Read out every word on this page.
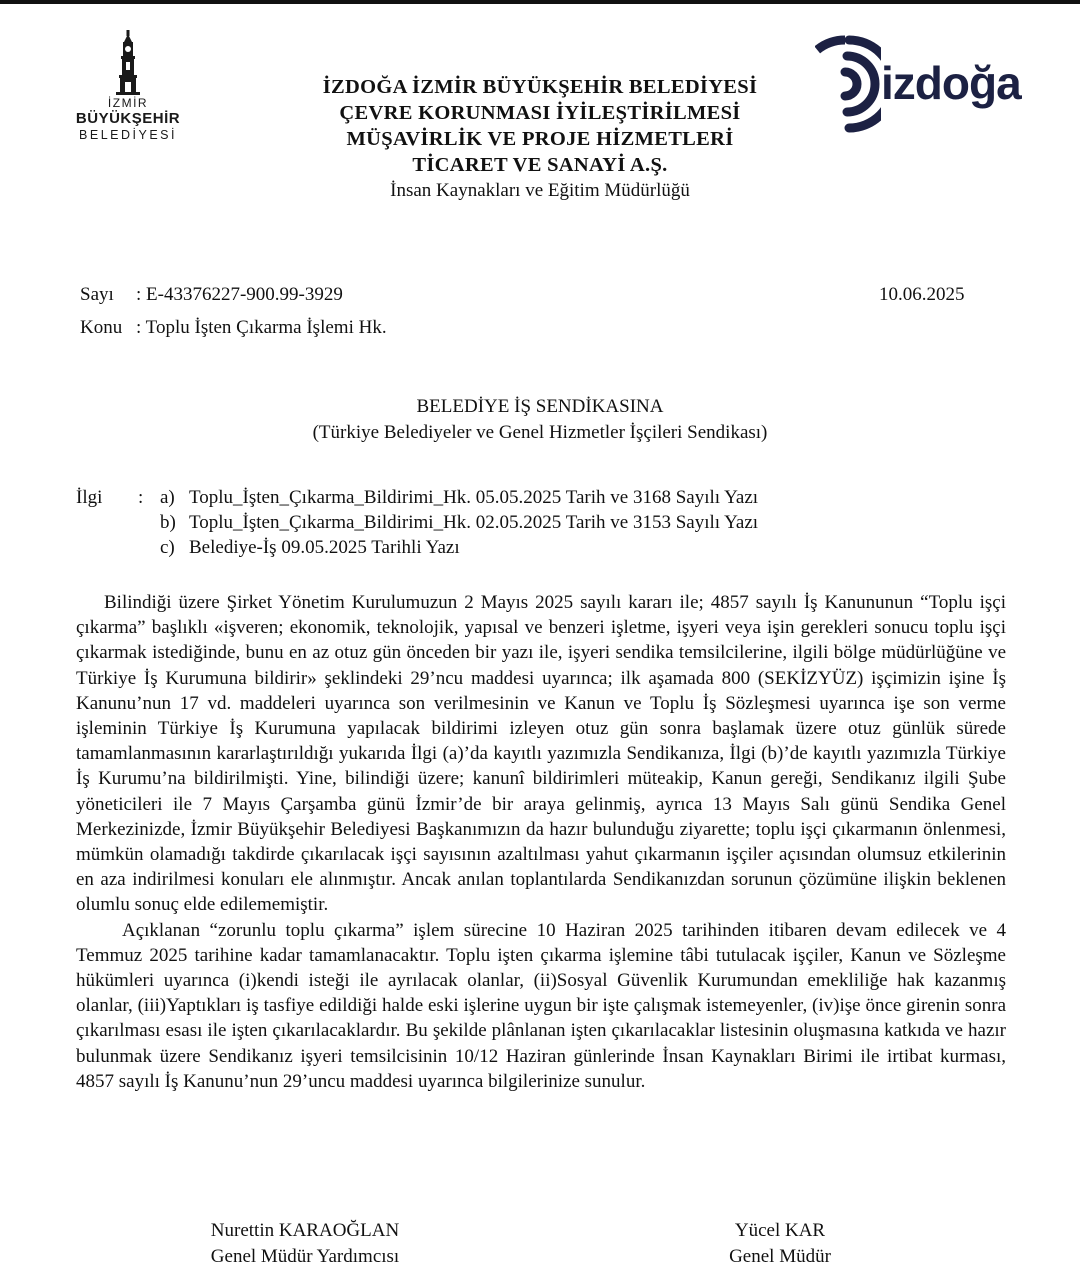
İZMİR
BÜYÜKŞEHİR
BELEDİYESİ
izdoğa
İZDOĞA İZMİR BÜYÜKŞEHİR BELEDİYESİ
ÇEVRE KORUNMASI İYİLEŞTİRİLMESİ
MÜŞAVİRLİK VE PROJE HİZMETLERİ
TİCARET VE SANAYİ A.Ş.
İnsan Kaynakları ve Eğitim Müdürlüğü
Sayı : E-43376227-900.99-3929	10.06.2025
Konu : Toplu İşten Çıkarma İşlemi Hk.
BELEDİYE İŞ SENDİKASINA
(Türkiye Belediyeler ve Genel Hizmetler İşçileri Sendikası)
İlgi : a) Toplu_İşten_Çıkarma_Bildirimi_Hk. 05.05.2025 Tarih ve 3168 Sayılı Yazı
b) Toplu_İşten_Çıkarma_Bildirimi_Hk. 02.05.2025 Tarih ve 3153 Sayılı Yazı
c) Belediye-İş 09.05.2025 Tarihli Yazı

Bilindiği üzere Şirket Yönetim Kurulumuzun 2 Mayıs 2025 sayılı kararı ile; 4857 sayılı İş Kanununun “Toplu işçi çıkarma” başlıklı «işveren; ekonomik, teknolojik, yapısal ve benzeri işletme, işyeri veya işin gerekleri sonucu toplu işçi çıkarmak istediğinde, bunu en az otuz gün önceden bir yazı ile, işyeri sendika temsilcilerine, ilgili bölge müdürlüğüne ve Türkiye İş Kurumuna bildirir» şeklindeki 29’ncu maddesi uyarınca; ilk aşamada 800 (SEKİZYÜZ) işçimizin işine İş Kanunu’nun 17 vd. maddeleri uyarınca son verilmesinin ve Kanun ve Toplu İş Sözleşmesi uyarınca işe son verme işleminin Türkiye İş Kurumuna yapılacak bildirimi izleyen otuz gün sonra başlamak üzere otuz günlük sürede tamamlanmasının kararlaştırıldığı yukarıda İlgi (a)’da kayıtlı yazımızla Sendikanıza, İlgi (b)’de kayıtlı yazımızla Türkiye İş Kurumu’na bildirilmişti. Yine, bilindiği üzere; kanunî bildirimleri müteakip, Kanun gereği, Sendikanız ilgili Şube yöneticileri ile 7 Mayıs Çarşamba günü İzmir’de bir araya gelinmiş, ayrıca 13 Mayıs Salı günü Sendika Genel Merkezinizde, İzmir Büyükşehir Belediyesi Başkanımızın da hazır bulunduğu ziyarette; toplu işçi çıkarmanın önlenmesi, mümkün olamadığı takdirde çıkarılacak işçi sayısının azaltılması yahut çıkarmanın işçiler açısından olumsuz etkilerinin en aza indirilmesi konuları ele alınmıştır. Ancak anılan toplantılarda Sendikanızdan sorunun çözümüne ilişkin beklenen olumlu sonuç elde edilememiştir.

Açıklanan “zorunlu toplu çıkarma” işlem sürecine 10 Haziran 2025 tarihinden itibaren devam edilecek ve 4 Temmuz 2025 tarihine kadar tamamlanacaktır. Toplu işten çıkarma işlemine tâbi tutulacak işçiler, Kanun ve Sözleşme hükümleri uyarınca (i)kendi isteği ile ayrılacak olanlar, (ii)Sosyal Güvenlik Kurumundan emekliliğe hak kazanmış olanlar, (iii)Yaptıkları iş tasfiye edildiği halde eski işlerine uygun bir işte çalışmak istemeyenler, (iv)işe önce girenin sonra çıkarılması esası ile işten çıkarılacaklardır. Bu şekilde plânlanan işten çıkarılacaklar listesinin oluşmasına katkıda ve hazır bulunmak üzere Sendikanız işyeri temsilcisinin 10/12 Haziran günlerinde İnsan Kaynakları Birimi ile irtibat kurması, 4857 sayılı İş Kanunu’nun 29’uncu maddesi uyarınca bilgilerinize sunulur.

Nurettin KARAOĞLAN
Genel Müdür Yardımcısı
Yücel KAR
Genel Müdür
